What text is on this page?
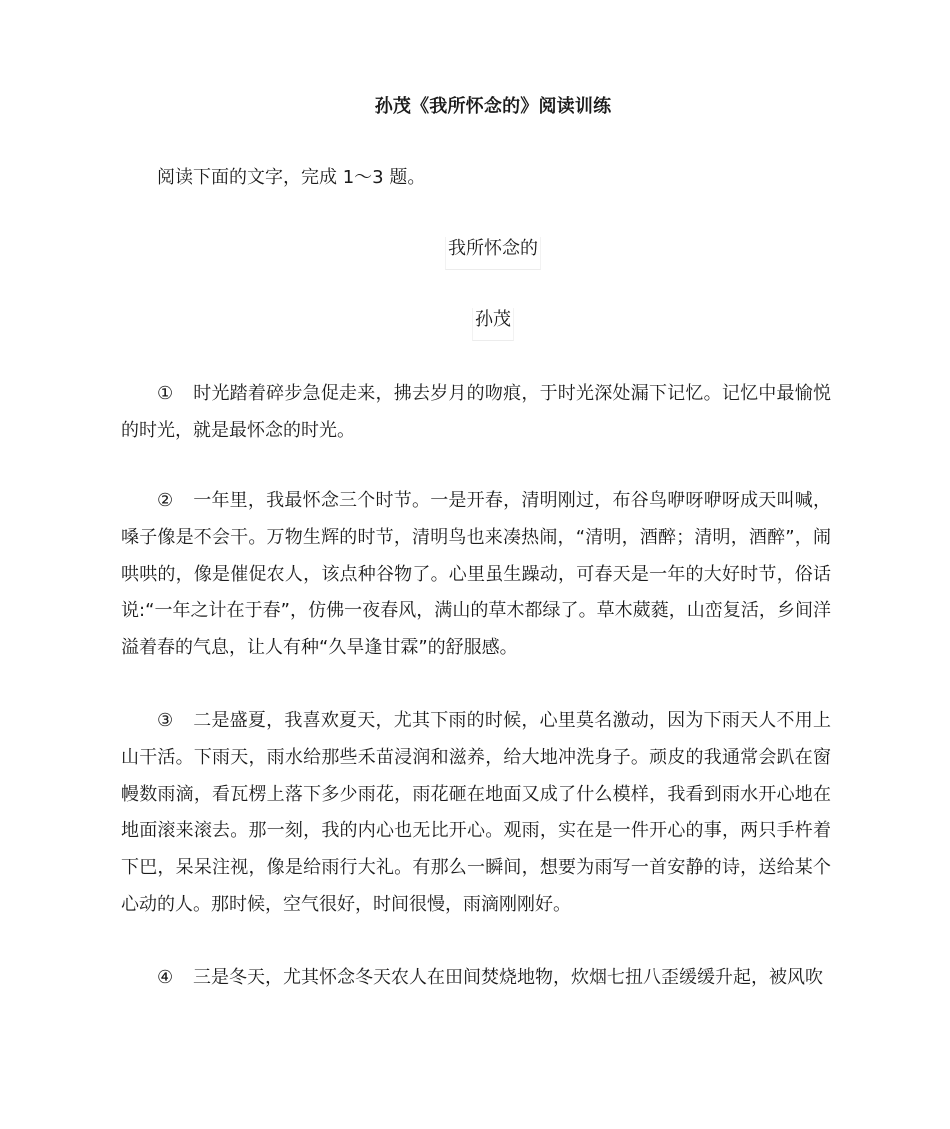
孙茂《我所怀念的》阅读训练
阅读下面的文字，完成 1～3 题。
我所怀念的
孙茂

① 时光踏着碎步急促走来，拂去岁月的吻痕，于时光深处漏下记忆。记忆中最愉悦的时光，就是最怀念的时光。

② 一年里，我最怀念三个时节。一是开春，清明刚过，布谷鸟咿呀咿呀成天叫喊，嗓子像是不会干。万物生辉的时节，清明鸟也来凑热闹，“清明，酒醉；清明，酒醉”，闹哄哄的，像是催促农人，该点种谷物了。心里虽生躁动，可春天是一年的大好时节，俗话说:“一年之计在于春”，仿佛一夜春风，满山的草木都绿了。草木葳蕤，山峦复活，乡间洋溢着春的气息，让人有种“久旱逢甘霖”的舒服感。

③ 二是盛夏，我喜欢夏天，尤其下雨的时候，心里莫名激动，因为下雨天人不用上山干活。下雨天，雨水给那些禾苗浸润和滋养，给大地冲洗身子。顽皮的我通常会趴在窗幔数雨滴，看瓦楞上落下多少雨花，雨花砸在地面又成了什么模样，我看到雨水开心地在地面滚来滚去。那一刻，我的内心也无比开心。观雨，实在是一件开心的事，两只手杵着下巴，呆呆注视，像是给雨行大礼。有那么一瞬间，想要为雨写一首安静的诗，送给某个心动的人。那时候，空气很好，时间很慢，雨滴刚刚好。

④ 三是冬天，尤其怀念冬天农人在田间焚烧地物，炊烟七扭八歪缓缓升起，被风吹
